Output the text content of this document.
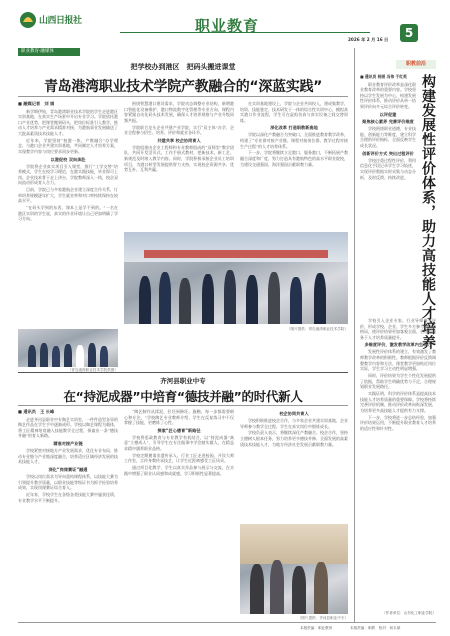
山西日报社	职业教育
2026 年 2 月 16 日	5
职业教育·融媒体
把学校办到港区　把码头搬进课堂
青岛港湾职业技术学院产教融合的“深蓝实践”
■ 融媒记者　刘 娟

新学期伊始，青岛港湾职业技术学院的学生走进港区实训基地，在真实生产场景中开启专业学习。学院依托港口产业优势，把课堂搬到码头，把岗位标准引入教学，推动人才培养与产业需求精准对接，为港航事业发展输送了大批高素质技术技能人才。

近年来，学院坚持“校港一体、产教融合”办学理念，与港口企业共建实训基地，共同制定人才培养方案，实现教学内容与岗位要求同步更新。

以港促校 双向奔赴

学院将企业真实项目引入课堂，推行“工学交替”培养模式，学生在校学习理论，在港实践技能，毕业即可上岗。企业技术骨干走上讲台，学院教师深入一线，校企双向流动形成育人合力。

目前，学院已与多家港航企业建立深度合作关系，订单培养规模逐年扩大，学生就业率和对口率持续保持在较高水平。

“在码头学到的东西，课本上是学不到的。”一名在港区实训的学生说，真实的作业环境让自己更加明确了学习方向。

围绕智慧港口建设需求，学院动态调整专业结构，新增港口智能化设备维护、港口物流数字化管理等专业方向，课程内容紧跟自动化码头技术发展，确保人才培养规格与产业升级同频共振。

学院联合龙头企业共建产业学院，实行“双主体”办学，企业全程参与招生、培养、评价和就业各环节。

共建共享 校企协同育人

学院组建由企业工程师和专业教师组成的“双师型”教学团队，共同开发活页式、工作手册式教材，把新技术、新工艺、新规范及时纳入教学内容。同时，学院积极承接企业员工培训项目，为港口转型发展提供智力支持，实现校企资源共享、优势互补、互利共赢。

在实训基地建设上，学院与企业共同投入，建成集教学、培训、技能鉴定、技术研发于一体的综合性实训中心，模拟真实港口作业流程，学生可在虚拟仿真与真实设备之间交替训练。

深化改革 打造职教新高地

学院以深化产教融合为突破口，全面推进教育教学改革，构建了“专业群对接产业链、课程对接岗位群、教学过程对接生产过程”的人才培养体系。

下一步，学院将继续立足港口、服务港口，不断拓展产教融合深度和广度，努力打造具有港航特色的高水平职业院校，为建设交通强国、海洋强国贡献职教力量。

（青岛港湾职业技术学院供图）
（图片提供：青岛港湾职业技术学院）
齐河县职业中专
在“持泥成器”中培育“德技并融”的时代新人
■ 通讯员　王 长峰

走进齐河县职业中专陶艺实训室，一件件造型各异的陶艺作品在学生手中逐渐成形。学校以陶艺课程为载体，将工匠精神培育融入技能教学全过程，探索出一条“德技并融”的育人新路。

精准对接产业链

学校紧密对接地方产业发展需求，优化专业布局，推动专业链与产业链深度融合，培养适应区域经济发展的技术技能人才。

深化“岗课赛证”融通

学校以岗位需求为导向重构课程体系，以技能大赛为引领提升教学质量，以职业技能等级证书为抓手检验培养成效，实现岗课赛证综合育人。

近年来，学校学生在各级各类技能大赛中屡获佳绩，专业教学水平不断提升。

“陶艺制作从揉泥、拉坯到修坯、施釉，每一步都需要耐心和专注。”学校陶艺专业教师介绍，学生在反复练习中不仅掌握了技能，更磨炼了心性。

探索“匠心德育”新路径

学校将思政教育与专业教学有机结合，以“持泥成器”寓意“立德成人”，引导学生在专注做事中学会踏实做人，在精益求精中涵养职业品格。

学校定期邀请非遗传承人、行业工匠走进校园，开设大师工作室，言传身教传承技艺，让学生近距离感受工匠风采。

通过项目化教学，学生以真实作品参与展示与交流，在实践中增强了职业认同感和成就感，学习积极性显著提高。

校企协同共育人

学校积极推进校企合作，与多家企业共建实训基地，企业导师参与教学全过程，学生在真实岗位中锻炼成长。

学校负责人表示，将继续深化产教融合、校企合作，坚持立德树人根本任务，努力培养更多德技并修、全面发展的高素质技术技能人才，为地方经济社会发展贡献职教力量。

（图片提供：齐河县职业中专）
职教前沿
构建发展性评价体系，助力高技能人才培养
■ 通讯员 杨丽 冯伟 于红英

职业教育评价改革是深化职业教育改革的重要内容。学校坚持以学生发展为中心，构建发展性评价体系，推动评价从单一结果评价向多元综合评价转变。

以评促建
聚焦核心素养 完善评价维度

学校围绕职业道德、专业技能、创新能力等维度，建立科学合理的评价指标，全面反映学生成长状况。

创新评价方式 突出过程评价

学校注重过程性评价，利用信息化手段记录学生学习轨迹，实现评价数据实时采集与动态分析，及时反馈、持续改进。

学校引入企业专家、行业导师参与评价，形成学校、企业、学生多方参与的评价格局，使评价结果更加客观全面，更好地服务于人才培养质量提升。

多维度评价，激发教学改革内生动力

发展性评价体系的建立，有效激发了教师教学改革的积极性。教师根据评价反馈调整教学内容和方法，课堂教学更加贴近岗位实际，学生学习主动性明显增强。

同时，评价结果为学生个性化发展提供了依据，帮助学生明确优势与不足，合理规划职业发展路径。

实践证明，科学的评价体系是提高技术技能人才培养质量的重要保障。学校将持续完善评价机制，推动评价改革向纵深发展，为培养更多高技能人才提供有力支撑。

下一步，学校将进一步总结经验，加强评价结果运用，不断提升职业教育人才培养的适应性和针对性。

（作者单位：山东化工职业学院）
本版责编：职业教育	本版责编：职教　校对：何永斌
